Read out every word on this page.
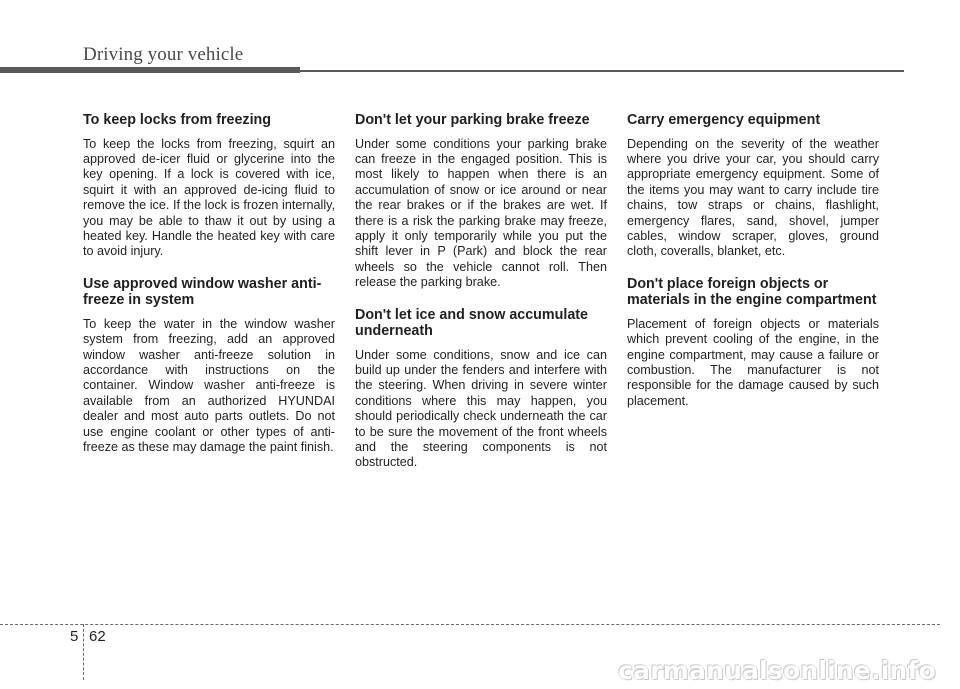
Driving your vehicle
To keep locks from freezing

To keep the locks from freezing, squirt an approved de-icer fluid or glycerine into the key opening. If a lock is covered with ice, squirt it with an approved de-icing fluid to remove the ice. If the lock is frozen internally, you may be able to thaw it out by using a heated key. Handle the heated key with care to avoid injury.

Use approved window washer anti-freeze in system

To keep the water in the window washer system from freezing, add an approved window washer anti-freeze solution in accordance with instructions on the container. Window washer anti-freeze is available from an authorized HYUNDAI dealer and most auto parts outlets. Do not use engine coolant or other types of anti-freeze as these may damage the paint finish.

Don't let your parking brake freeze

Under some conditions your parking brake can freeze in the engaged position. This is most likely to happen when there is an accumulation of snow or ice around or near the rear brakes or if the brakes are wet. If there is a risk the parking brake may freeze, apply it only temporarily while you put the shift lever in P (Park) and block the rear wheels so the vehicle cannot roll. Then release the parking brake.

Don't let ice and snow accumulate underneath

Under some conditions, snow and ice can build up under the fenders and interfere with the steering. When driving in severe winter conditions where this may happen, you should periodically check underneath the car to be sure the movement of the front wheels and the steering components is not obstructed.

Carry emergency equipment

Depending on the severity of the weather where you drive your car, you should carry appropriate emergency equipment. Some of the items you may want to carry include tire chains, tow straps or chains, flashlight, emergency flares, sand, shovel, jumper cables, window scraper, gloves, ground cloth, coveralls, blanket, etc.

Don't place foreign objects or materials in the engine compartment

Placement of foreign objects or materials which prevent cooling of the engine, in the engine compartment, may cause a failure or combustion. The manufacturer is not responsible for the damage caused by such placement.

5 62
carmanualsonline.info
